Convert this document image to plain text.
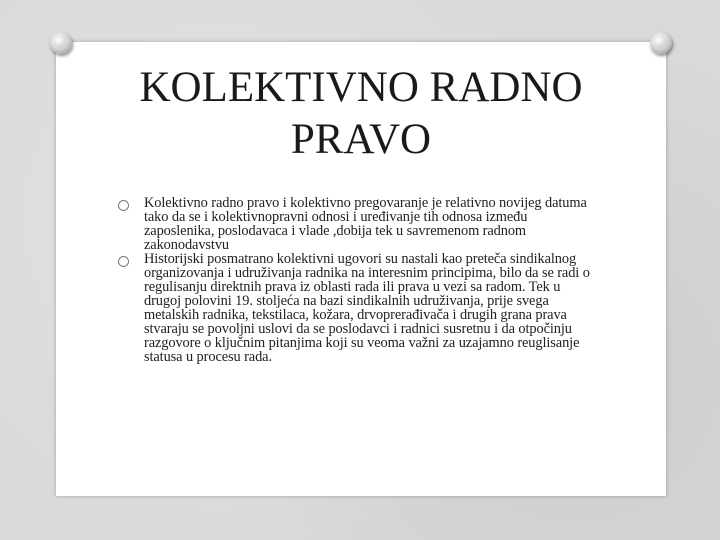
KOLEKTIVNO RADNO
PRAVO
Kolektivno radno pravo i kolektivno pregovaranje je relativno novijeg datuma tako da se i kolektivnopravni odnosi i uređivanje tih odnosa između zaposlenika, poslodavaca i vlade ,dobija tek u savremenom radnom zakonodavstvu
Historijski posmatrano kolektivni ugovori su nastali kao preteča sindikalnog organizovanja i udruživanja radnika na interesnim principima, bilo da se radi o regulisanju direktnih prava iz oblasti rada ili prava u vezi sa radom. Tek u drugoj polovini 19. stoljeća na bazi sindikalnih udruživanja, prije svega metalskih radnika, tekstilaca, kožara, drvoprerađivača i drugih grana prava stvaraju se povoljni uslovi da se poslodavci i radnici susretnu i da otpočinju razgovore o ključnim pitanjima koji su veoma važni za uzajamno reuglisanje statusa u procesu rada.
